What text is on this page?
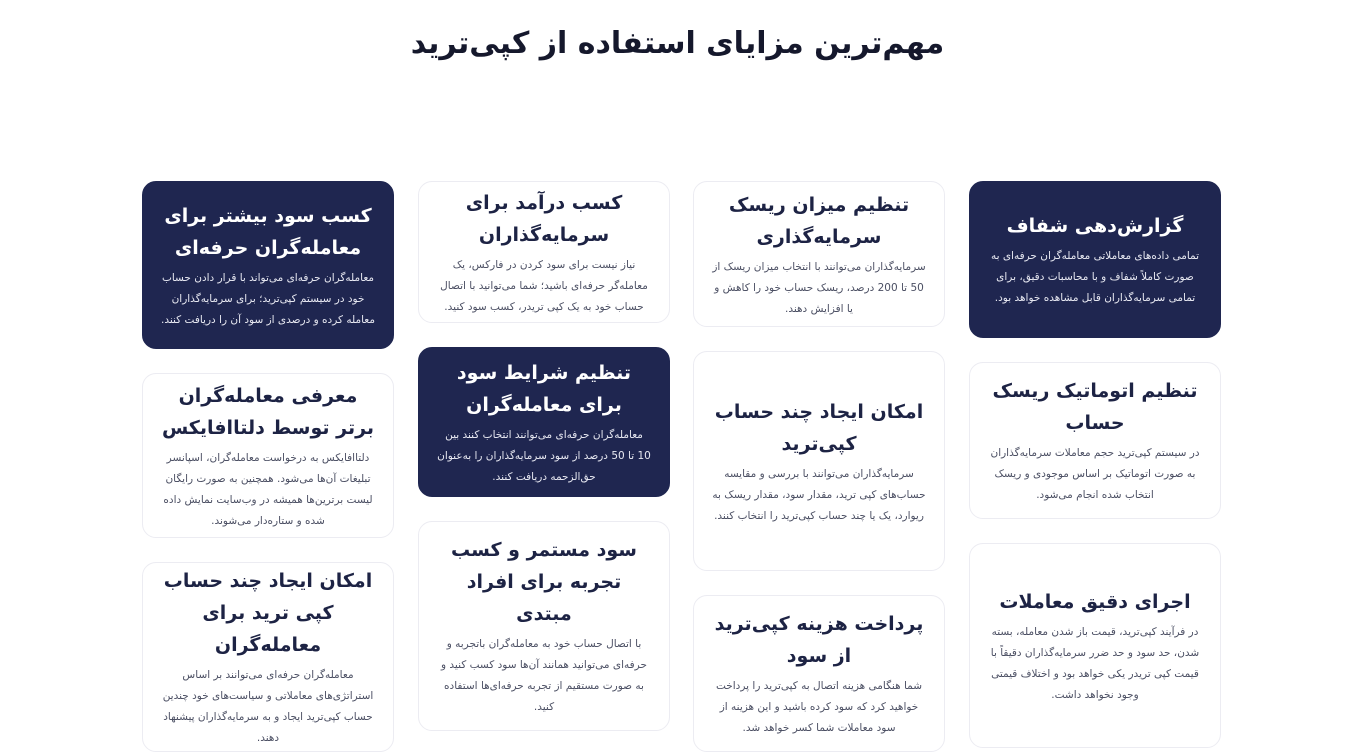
مهم‌ترین مزایای استفاده از کپی‌ترید
گزارش‌دهی شفاف

تمامی داده‌های معاملاتی معامله‌گران حرفه‌ای به صورت کاملاً شفاف و با محاسبات دقیق، برای تمامی سرمایه‌گذاران قابل مشاهده خواهد بود.

تنظیم اتوماتیک ریسک حساب

در سیستم کپی‌ترید حجم معاملات سرمایه‌گذاران به صورت اتوماتیک بر اساس موجودی و ریسک انتخاب شده انجام می‌شود.

اجرای دقیق معاملات

در فرآیند کپی‌ترید، قیمت باز شدن معامله، بسته شدن، حد سود و حد ضرر سرمایه‌گذاران دقیقاً با قیمت کپی تریدر یکی خواهد بود و اختلاف قیمتی وجود نخواهد داشت.

تنظیم میزان ریسک سرمایه‌گذاری

سرمایه‌گذاران می‌توانند با انتخاب میزان ریسک از 50 تا 200 درصد، ریسک حساب خود را کاهش و یا افزایش دهند.

امکان ایجاد چند حساب کپی‌ترید

سرمایه‌گذاران می‌توانند با بررسی و مقایسه حساب‌های کپی ترید، مقدار سود، مقدار ریسک به ریوارد، یک یا چند حساب کپی‌ترید را انتخاب کنند.

پرداخت هزینه کپی‌ترید از سود

شما هنگامی هزینه اتصال به کپی‌ترید را پرداخت خواهید کرد که سود کرده باشید و این هزینه از سود معاملات شما کسر خواهد شد.

کسب درآمد برای سرمایه‌گذاران

نیاز نیست برای سود کردن در فارکس، یک معامله‌گر حرفه‌ای باشید؛ شما می‌توانید با اتصال حساب خود به یک کپی تریدر، کسب سود کنید.

تنظیم شرایط سود برای معامله‌گران

معامله‌گران حرفه‌ای می‌توانند انتخاب کنند بین 10 تا 50 درصد از سود سرمایه‌گذاران را به‌عنوان حق‌الزحمه دریافت کنند.

سود مستمر و کسب تجربه برای افراد مبتدی

با اتصال حساب خود به معامله‌گران باتجربه و حرفه‌ای می‌توانید همانند آن‌ها سود کسب کنید و به صورت مستقیم از تجربه حرفه‌ای‌ها استفاده کنید.

کسب سود بیشتر برای معامله‌گران حرفه‌ای

معامله‌گران حرفه‌ای می‌تواند با قرار دادن حساب خود در سیستم کپی‌ترید؛ برای سرمایه‌گذاران معامله کرده و درصدی از سود آن را دریافت کنند.

معرفی معامله‌گران برتر توسط دلتاافایکس

دلتاافایکس به درخواست معامله‌گران، اسپانسر تبلیغات آن‌ها می‌شود. همچنین به صورت رایگان لیست برترین‌ها همیشه در وب‌سایت نمایش داده شده و ستاره‌دار می‌شوند.

امکان ایجاد چند حساب کپی ترید برای معامله‌گران

معامله‌گران حرفه‌ای می‌توانند بر اساس استراتژی‌های معاملاتی و سیاست‌های خود چندین حساب کپی‌ترید ایجاد و به سرمایه‌گذاران پیشنهاد دهند.
